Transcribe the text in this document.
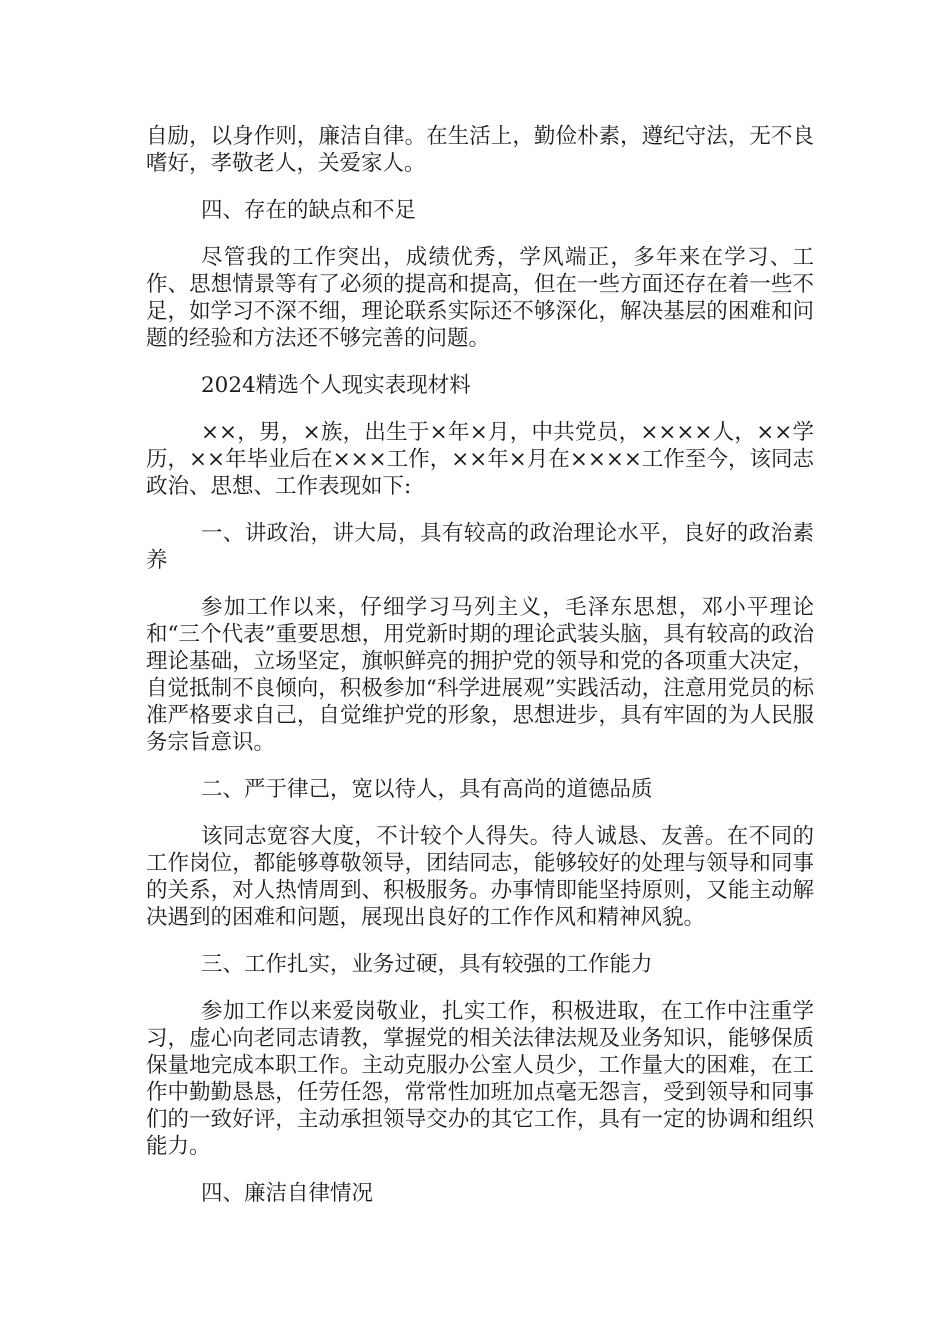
自励，以身作则，廉洁自律。在生活上，勤俭朴素，遵纪守法，无不良嗜好，孝敬老人，关爱家人。

四、存在的缺点和不足

尽管我的工作突出，成绩优秀，学风端正，多年来在学习、工作、思想情景等有了必须的提高和提高，但在一些方面还存在着一些不足，如学习不深不细，理论联系实际还不够深化，解决基层的困难和问题的经验和方法还不够完善的问题。

2024精选个人现实表现材料

××，男，×族，出生于×年×月，中共党员，××××人，××学历，××年毕业后在×××工作，××年×月在××××工作至今，该同志政治、思想、工作表现如下:

一、讲政治，讲大局，具有较高的政治理论水平，良好的政治素养

参加工作以来，仔细学习马列主义，毛泽东思想，邓小平理论和“三个代表”重要思想，用党新时期的理论武装头脑，具有较高的政治理论基础，立场坚定，旗帜鲜亮的拥护党的领导和党的各项重大决定，自觉抵制不良倾向，积极参加“科学进展观”实践活动，注意用党员的标准严格要求自己，自觉维护党的形象，思想进步，具有牢固的为人民服务宗旨意识。

二、严于律己，宽以待人，具有高尚的道德品质

该同志宽容大度，不计较个人得失。待人诚恳、友善。在不同的工作岗位，都能够尊敬领导，团结同志，能够较好的处理与领导和同事的关系，对人热情周到、积极服务。办事情即能坚持原则，又能主动解决遇到的困难和问题，展现出良好的工作作风和精神风貌。

三、工作扎实，业务过硬，具有较强的工作能力

参加工作以来爱岗敬业，扎实工作，积极进取，在工作中注重学习，虚心向老同志请教，掌握党的相关法律法规及业务知识，能够保质保量地完成本职工作。主动克服办公室人员少，工作量大的困难，在工作中勤勤恳恳，任劳任怨，常常性加班加点毫无怨言，受到领导和同事们的一致好评，主动承担领导交办的其它工作，具有一定的协调和组织能力。

四、廉洁自律情况
